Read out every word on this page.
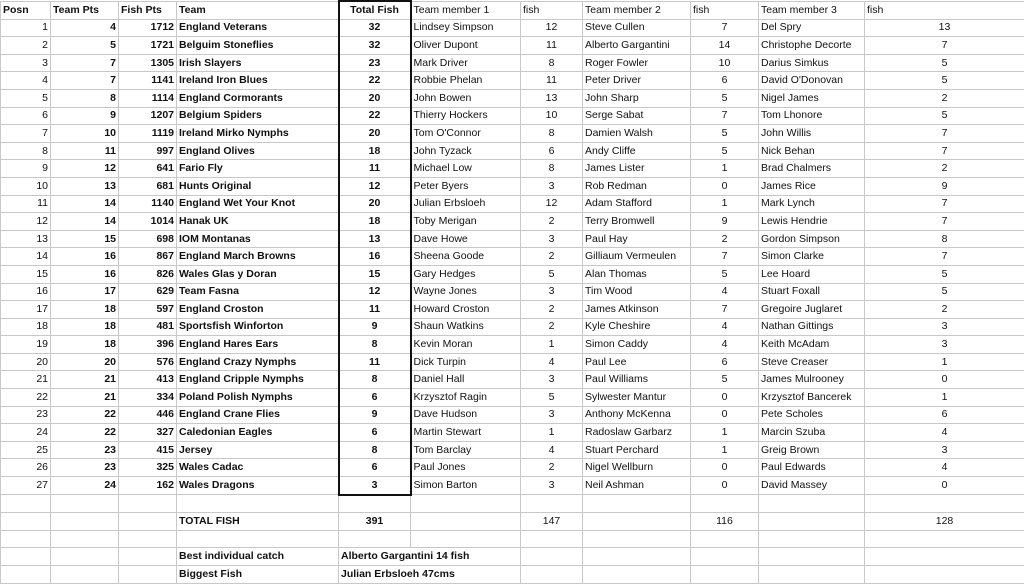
Posn	Team Pts	Fish Pts	Team	Total Fish	Team member 1	fish	Team member 2	fish	Team member 3	fish
1	4	1712	England Veterans	32	Lindsey Simpson	12	Steve Cullen	7	Del Spry	13
2	5	1721	Belguim Stoneflies	32	Oliver Dupont	11	Alberto Gargantini	14	Christophe Decorte	7
3	7	1305	Irish Slayers	23	Mark Driver	8	Roger Fowler	10	Darius Simkus	5
4	7	1141	Ireland Iron Blues	22	Robbie Phelan	11	Peter Driver	6	David O'Donovan	5
5	8	1114	England Cormorants	20	John Bowen	13	John Sharp	5	Nigel James	2
6	9	1207	Belgium Spiders	22	Thierry Hockers	10	Serge Sabat	7	Tom Lhonore	5
7	10	1119	Ireland Mirko Nymphs	20	Tom O'Connor	8	Damien Walsh	5	John Willis	7
8	11	997	England Olives	18	John Tyzack	6	Andy Cliffe	5	Nick Behan	7
9	12	641	Fario Fly	11	Michael Low	8	James Lister	1	Brad Chalmers	2
10	13	681	Hunts Original	12	Peter Byers	3	Rob Redman	0	James Rice	9
11	14	1140	England Wet Your Knot	20	Julian Erbsloeh	12	Adam Stafford	1	Mark Lynch	7
12	14	1014	Hanak UK	18	Toby Merigan	2	Terry Bromwell	9	Lewis Hendrie	7
13	15	698	IOM Montanas	13	Dave Howe	3	Paul Hay	2	Gordon Simpson	8
14	16	867	England March Browns	16	Sheena Goode	2	Gilliaum Vermeulen	7	Simon Clarke	7
15	16	826	Wales Glas y Doran	15	Gary Hedges	5	Alan Thomas	5	Lee Hoard	5
16	17	629	Team Fasna	12	Wayne Jones	3	Tim Wood	4	Stuart Foxall	5
17	18	597	England Croston	11	Howard Croston	2	James Atkinson	7	Gregoire Juglaret	2
18	18	481	Sportsfish Winforton	9	Shaun Watkins	2	Kyle Cheshire	4	Nathan Gittings	3
19	18	396	England Hares Ears	8	Kevin Moran	1	Simon Caddy	4	Keith McAdam	3
20	20	576	England Crazy Nymphs	11	Dick Turpin	4	Paul Lee	6	Steve Creaser	1
21	21	413	England Cripple Nymphs	8	Daniel Hall	3	Paul Williams	5	James Mulrooney	0
22	21	334	Poland Polish Nymphs	6	Krzysztof Ragin	5	Sylwester Mantur	0	Krzysztof Bancerek	1
23	22	446	England Crane Flies	9	Dave Hudson	3	Anthony McKenna	0	Pete Scholes	6
24	22	327	Caledonian Eagles	6	Martin Stewart	1	Radoslaw Garbarz	1	Marcin Szuba	4
25	23	415	Jersey	8	Tom Barclay	4	Stuart Perchard	1	Greig Brown	3
26	23	325	Wales Cadac	6	Paul Jones	2	Nigel Wellburn	0	Paul Edwards	4
27	24	162	Wales Dragons	3	Simon Barton	3	Neil Ashman	0	David Massey	0

			TOTAL FISH	391		147		116		128

			Best individual catch	Alberto Gargantini 14 fish						
			Biggest Fish	Julian Erbsloeh 47cms						
